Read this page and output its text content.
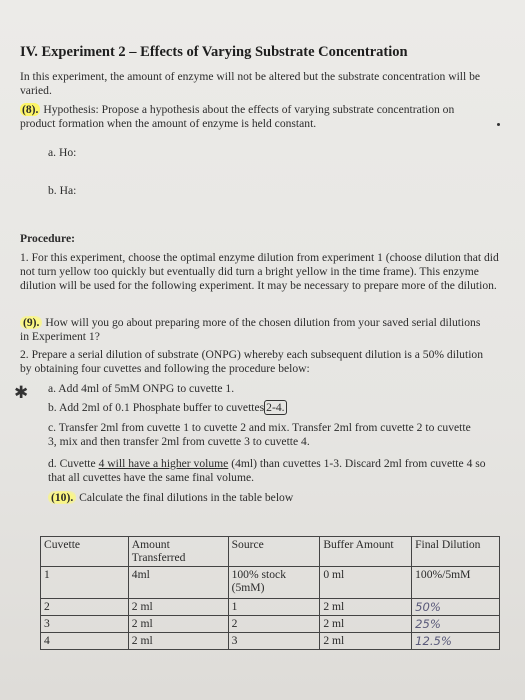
IV. Experiment 2 – Effects of Varying Substrate Concentration
In this experiment, the amount of enzyme will not be altered but the substrate concentration will be varied.
(8). Hypothesis: Propose a hypothesis about the effects of varying substrate concentration on product formation when the amount of enzyme is held constant.
a. Ho:
b. Ha:
Procedure:
1. For this experiment, choose the optimal enzyme dilution from experiment 1 (choose dilution that did not turn yellow too quickly but eventually did turn a bright yellow in the time frame). This enzyme dilution will be used for the following experiment. It may be necessary to prepare more of the dilution.
(9). How will you go about preparing more of the chosen dilution from your saved serial dilutions in Experiment 1?
2. Prepare a serial dilution of substrate (ONPG) whereby each subsequent dilution is a 50% dilution by obtaining four cuvettes and following the procedure below:
✱ a. Add 4ml of 5mM ONPG to cuvette 1.
b. Add 2ml of 0.1 Phosphate buffer to cuvettes 2-4.
c. Transfer 2ml from cuvette 1 to cuvette 2 and mix. Transfer 2ml from cuvette 2 to cuvette 3, mix and then transfer 2ml from cuvette 3 to cuvette 4.
d. Cuvette 4 will have a higher volume (4ml) than cuvettes 1-3. Discard 2ml from cuvette 4 so that all cuvettes have the same final volume.
(10). Calculate the final dilutions in the table below
Cuvette	Amount Transferred	Source	Buffer Amount	Final Dilution
1	4ml	100% stock (5mM)	0 ml	100%/5mM
2	2 ml	1	2 ml	50%
3	2 ml	2	2 ml	25%
4	2 ml	3	2 ml	12.5%
